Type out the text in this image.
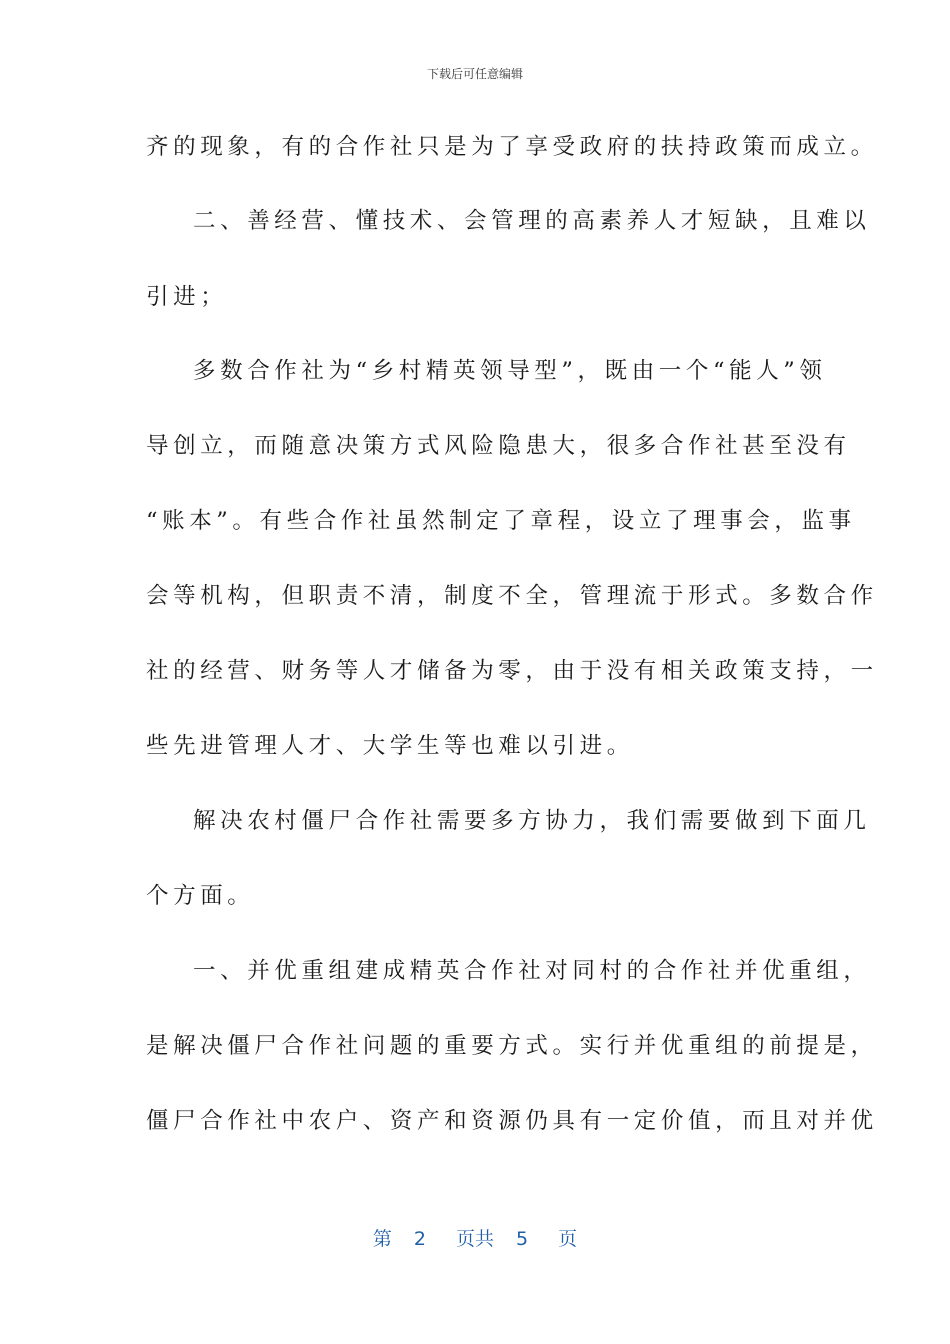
下载后可任意编辑
齐的现象，有的合作社只是为了享受政府的扶持政策而成立。
二、善经营、懂技术、会管理的高素养人才短缺，且难以
引进；
多数合作社为“乡村精英领导型”，既由一个“能人”领
导创立，而随意决策方式风险隐患大，很多合作社甚至没有
“账本”。有些合作社虽然制定了章程，设立了理事会，监事
会等机构，但职责不清，制度不全，管理流于形式。多数合作
社的经营、财务等人才储备为零，由于没有相关政策支持，一
些先进管理人才、大学生等也难以引进。
解决农村僵尸合作社需要多方协力，我们需要做到下面几
个方面。
一、并优重组建成精英合作社对同村的合作社并优重组，
是解决僵尸合作社问题的重要方式。实行并优重组的前提是，
僵尸合作社中农户、资产和资源仍具有一定价值，而且对并优
第 2 页共 5 页
